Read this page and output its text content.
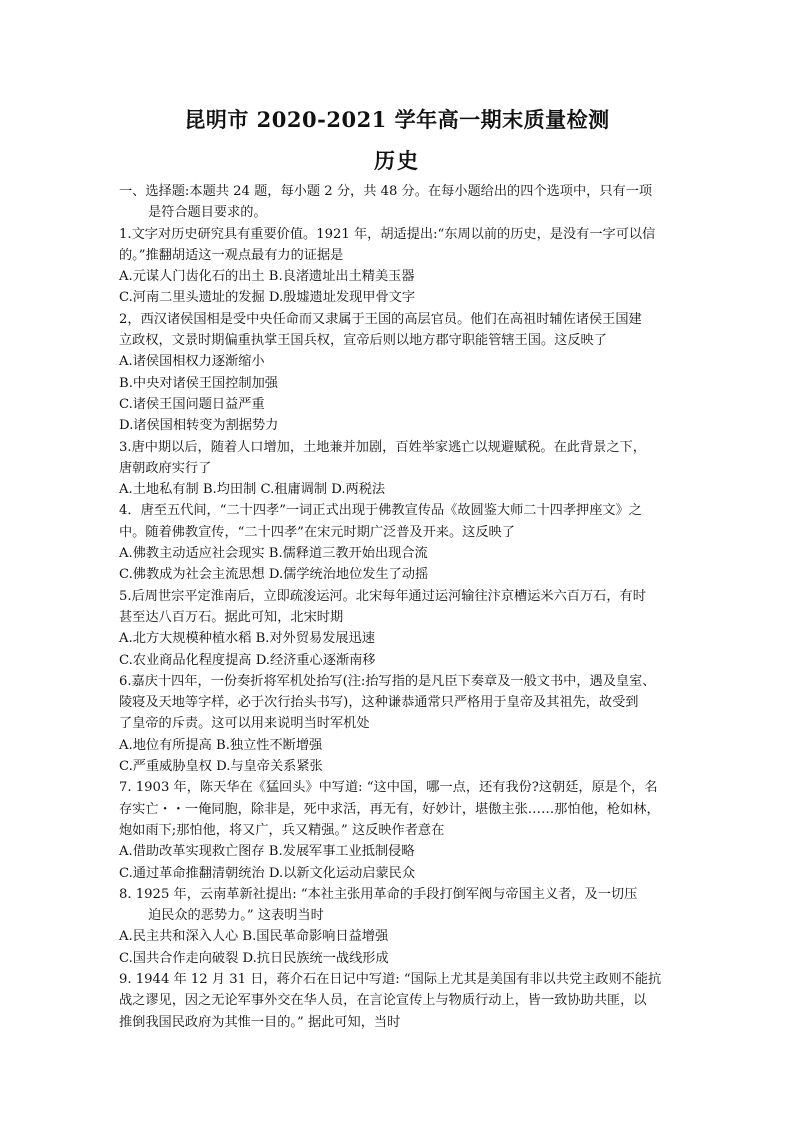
昆明市 2020-2021 学年高一期末质量检测
历史
一、选择题:本题共 24 题，每小题 2 分，共 48 分。在每小题给出的四个选项中，只有一项
是符合题目要求的。
1.文字对历史研究具有重要价值。1921 年，胡适提出:“东周以前的历史，是没有一字可以信
的。”推翻胡适这一观点最有力的证据是
A.元谋人门齿化石的出土 B.良渚遗址出土精美玉器
C.河南二里头遗址的发掘 D.殷墟遗址发现甲骨文字
2，西汉诸侯国相是受中央任命而又隶属于王国的高层官员。他们在高祖时辅佐诸侯王国建
立政权，文景时期偏重执掌王国兵权，宣帝后则以地方郡守职能管辖王国。这反映了
A.诸侯国相权力逐渐缩小
B.中央对诸侯王国控制加强
C.诸侯王国问题日益严重
D.诸侯国相转变为割据势力
3.唐中期以后，随着人口增加，土地兼并加剧，百姓举家逃亡以规避赋税。在此背景之下，
唐朝政府实行了
A.土地私有制 B.均田制 C.租庸调制 D.两税法
4．唐至五代间，“二十四孝”一词正式出现于佛教宣传品《故圆鉴大师二十四孝押座文》之
中。随着佛教宣传，“二十四孝”在宋元时期广泛普及开来。这反映了
A.佛教主动适应社会现实 B.儒释道三教开始出现合流
C.佛教成为社会主流思想 D.儒学统治地位发生了动摇
5.后周世宗平定淮南后，立即疏浚运河。北宋每年通过运河输往汴京槽运米六百万石，有时
甚至达八百万石。据此可知，北宋时期
A.北方大规模种植水稻 B.对外贸易发展迅速
C.农业商品化程度提高 D.经济重心逐渐南移
6.嘉庆十四年，一份奏折将军机处抬写(注:抬写指的是凡臣下奏章及一般文书中，遇及皇室、
陵寝及天地等字样，必于次行抬头书写)，这种谦恭通常只严格用于皇帝及其祖先，故受到
了皇帝的斥责。这可以用来说明当时军机处
A.地位有所提高 B.独立性不断增强
C.严重威胁皇权 D.与皇帝关系紧张
7. 1903 年，陈天华在《猛回头》中写道: “这中国，哪一点，还有我份?这朝廷，原是个，名
存实亡・・一俺同胞，除非是，死中求活，再无有，好妙计，堪傲主张……那怕他，枪如林，
炮如雨下;那怕他，将又广，兵又精强。” 这反映作者意在
A.借助改革实现救亡图存 B.发展军事工业抵制侵略
C.通过革命推翻清朝统治 D.以新文化运动启蒙民众
8. 1925 年，云南革新社提出: “本社主张用革命的手段打倒军阀与帝国主义者，及一切压
迫民众的恶势力。” 这表明当时
A.民主共和深入人心 B.国民革命影响日益增强
C.国共合作走向破裂 D.抗日民族统一战线形成
9. 1944 年 12 月 31 日，蒋介石在日记中写道: “国际上尤其是美国有非以共党主政则不能抗
战之谬见，因之无论军事外交在华人员，在言论宣传上与物质行动上，皆一致协助共匪，以
推倒我国民政府为其惟一目的。” 据此可知，当时
